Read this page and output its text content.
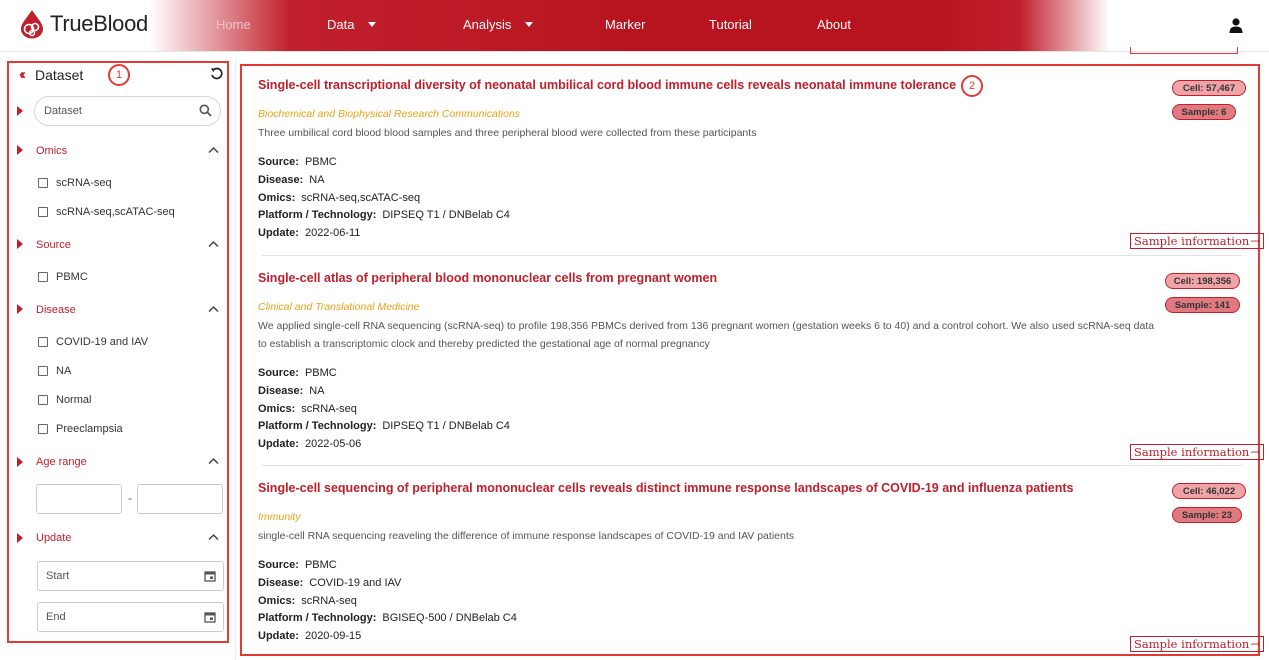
TrueBlood	Home	Data	Analysis	Marker	Tutorial	About
‹‹ Dataset	1
Dataset
Omics
scRNA-seq
scRNA-seq,scATAC-seq
Source
PBMC
Disease
COVID-19 and IAV
NA
Normal
Preeclampsia
Age range
-
Update
Start
End
2
Single-cell transcriptional diversity of neonatal umbilical cord blood immune cells reveals neonatal immune tolerance
Biochemical and Biophysical Research Communications
Three umbilical cord blood blood samples and three peripheral blood were collected from these participants
Source: PBMC
Disease: NA
Omics: scRNA-seq,scATAC-seq
Platform / Technology: DIPSEQ T1 / DNBelab C4
Update: 2022-06-11
Cell: 57,467
Sample: 6
Sample information →
Single-cell atlas of peripheral blood mononuclear cells from pregnant women
Clinical and Translational Medicine
We applied single-cell RNA sequencing (scRNA-seq) to profile 198,356 PBMCs derived from 136 pregnant women (gestation weeks 6 to 40) and a control cohort. We also used scRNA-seq data to establish a transcriptomic clock and thereby predicted the gestational age of normal pregnancy
Source: PBMC
Disease: NA
Omics: scRNA-seq
Platform / Technology: DIPSEQ T1 / DNBelab C4
Update: 2022-05-06
Cell: 198,356
Sample: 141
Sample information →
Single-cell sequencing of peripheral mononuclear cells reveals distinct immune response landscapes of COVID-19 and influenza patients
Immunity
single-cell RNA sequencing reaveling the difference of immune response landscapes of COVID-19 and IAV patients
Source: PBMC
Disease: COVID-19 and IAV
Omics: scRNA-seq
Platform / Technology: BGISEQ-500 / DNBelab C4
Update: 2020-09-15
Cell: 46,022
Sample: 23
Sample information →
